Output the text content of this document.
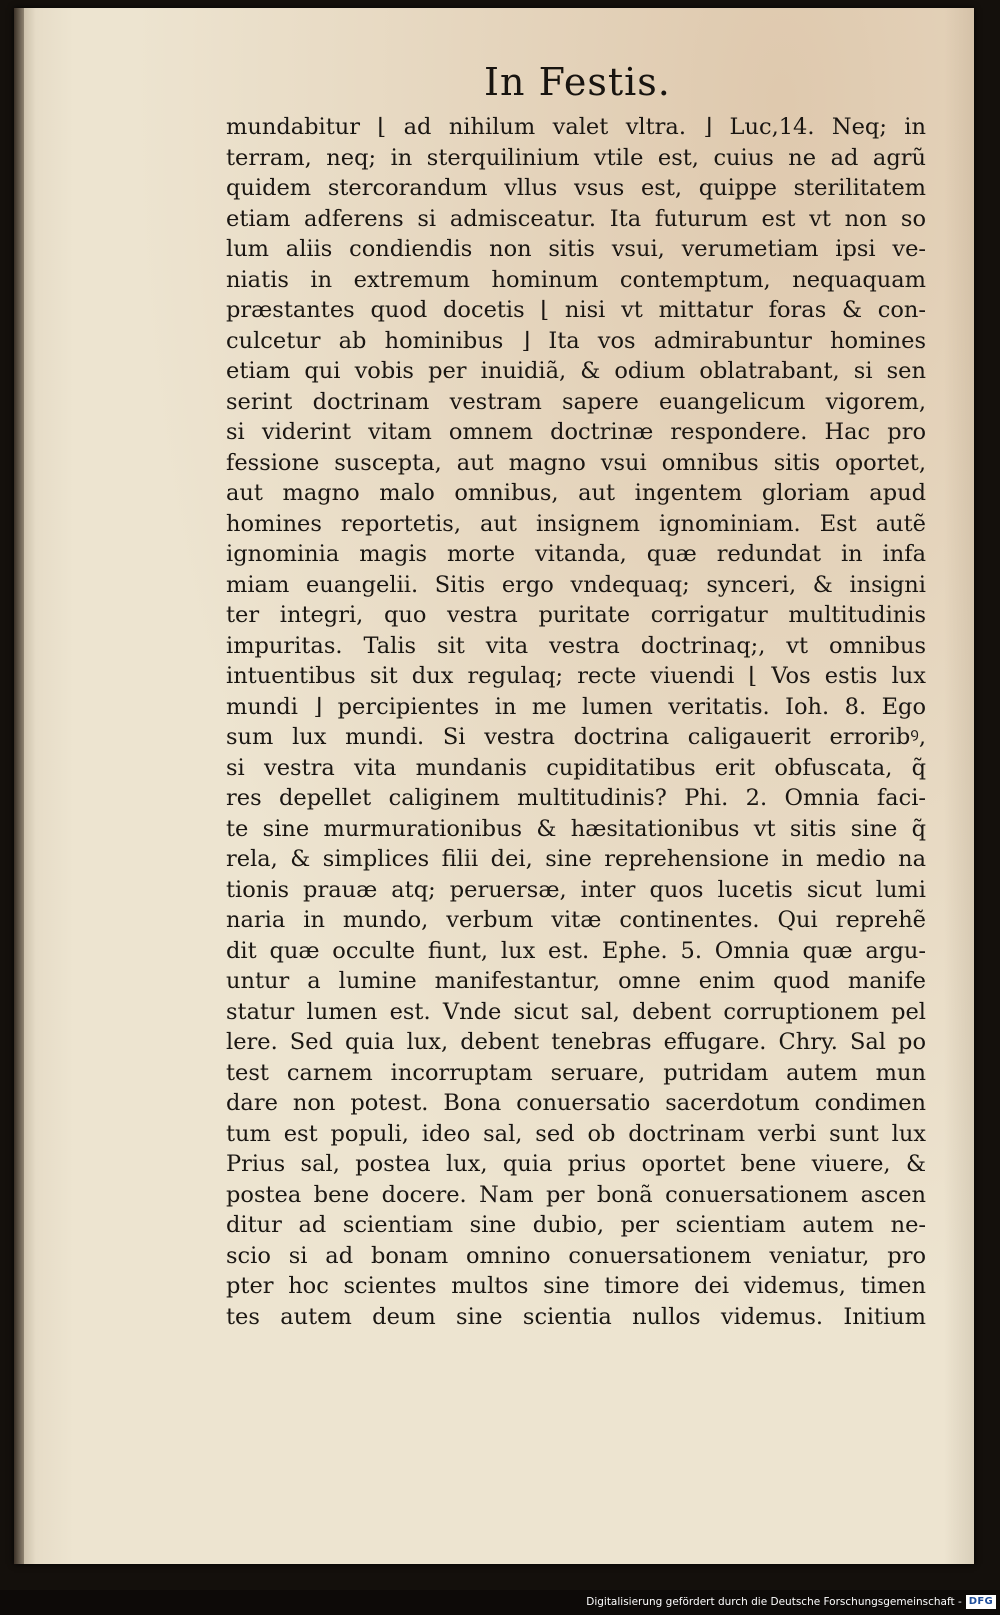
In Festis.
mundabitur ⌊ ad nihilum valet vltra. ⌋ Luc,14. Neq; in
terram, neq; in sterquilinium vtile est, cuius ne ad agrũ
quidem stercorandum vllus vsus est, quippe sterilitatem
etiam adferens si admisceatur. Ita futurum est vt non so
lum aliis condiendis non sitis vsui, verumetiam ipsi ve-
niatis in extremum hominum contemptum, nequaquam
præstantes quod docetis ⌊ nisi vt mittatur foras & con-
culcetur ab hominibus ⌋ Ita vos admirabuntur homines
etiam qui vobis per inuidiã, & odium oblatrabant, si sen
serint doctrinam vestram sapere euangelicum vigorem,
si viderint vitam omnem doctrinæ respondere. Hac pro
fessione suscepta, aut magno vsui omnibus sitis oportet,
aut magno malo omnibus, aut ingentem gloriam apud
homines reportetis, aut insignem ignominiam. Est autẽ
ignominia magis morte vitanda, quæ redundat in infa
miam euangelii. Sitis ergo vndequaq; synceri, & insigni
ter integri, quo vestra puritate corrigatur multitudinis
impuritas. Talis sit vita vestra doctrinaq;, vt omnibus
intuentibus sit dux regulaq; recte viuendi ⌊ Vos estis lux
mundi ⌋ percipientes in me lumen veritatis. Ioh. 8. Ego
sum lux mundi. Si vestra doctrina caligauerit erroribꝰ,
si vestra vita mundanis cupiditatibus erit obfuscata, q̃
res depellet caliginem multitudinis? Phi. 2. Omnia faci-
te sine murmurationibus & hæsitationibus vt sitis sine q̃
rela, & simplices filii dei, sine reprehensione in medio na
tionis prauæ atq; peruersæ, inter quos lucetis sicut lumi
naria in mundo, verbum vitæ continentes. Qui reprehẽ
dit quæ occulte fiunt, lux est. Ephe. 5. Omnia quæ argu-
untur a lumine manifestantur, omne enim quod manife
statur lumen est. Vnde sicut sal, debent corruptionem pel
lere. Sed quia lux, debent tenebras effugare. Chry. Sal po
test carnem incorruptam seruare, putridam autem mun
dare non potest. Bona conuersatio sacerdotum condimen
tum est populi, ideo sal, sed ob doctrinam verbi sunt lux
Prius sal, postea lux, quia prius oportet bene viuere, &
postea bene docere. Nam per bonã conuersationem ascen
ditur ad scientiam sine dubio, per scientiam autem ne-
scio si ad bonam omnino conuersationem veniatur, pro
pter hoc scientes multos sine timore dei videmus, timen
tes autem deum sine scientia nullos videmus. Initium
Digitalisierung gefördert durch die Deutsche Forschungsgemeinschaft - DFG
